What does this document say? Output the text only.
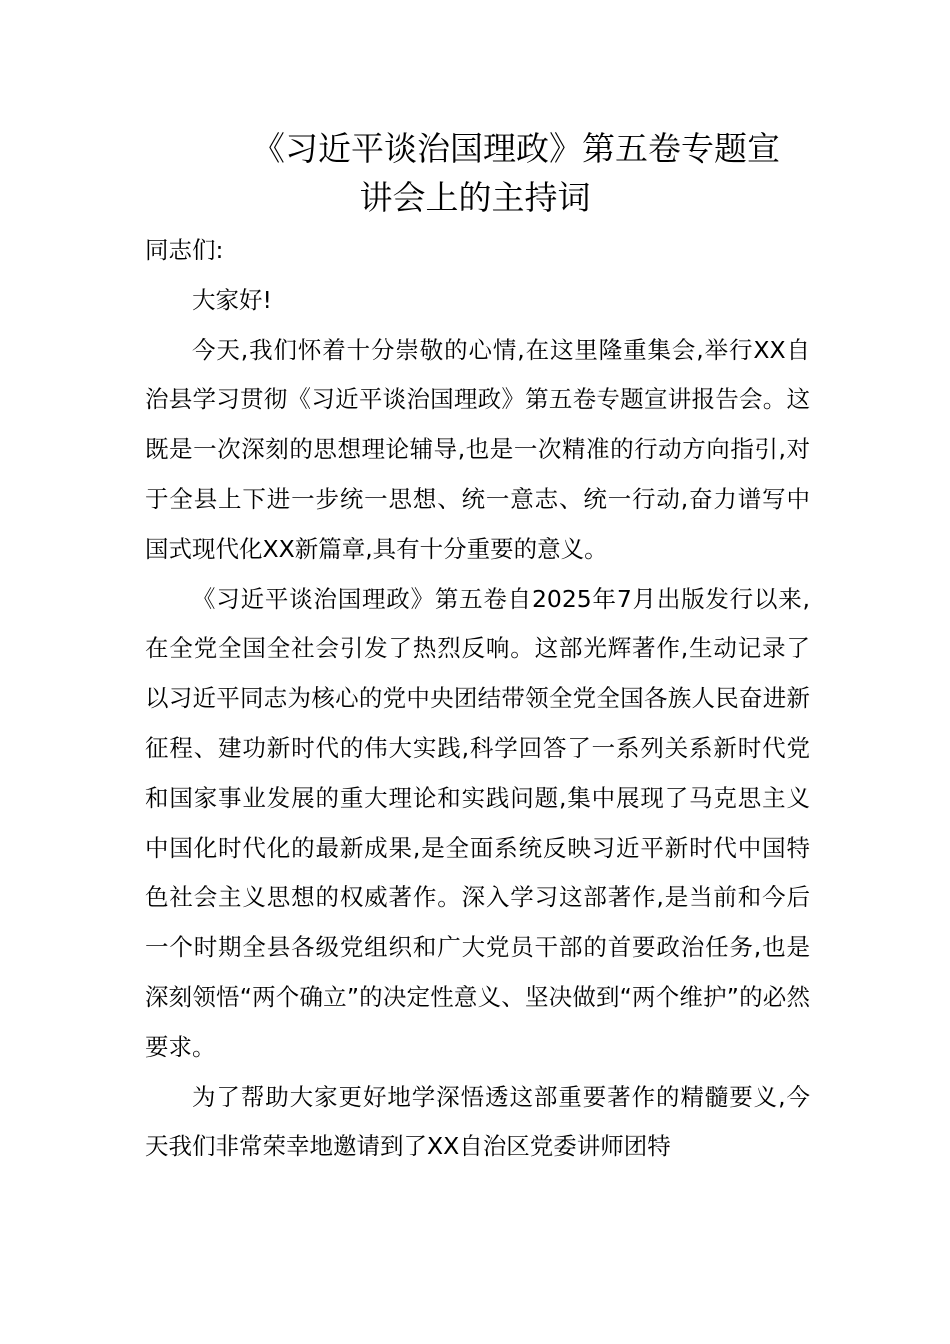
《习近平谈治国理政》第五卷专题宣
讲会上的主持词

同志们:

大家好!

今天,我们怀着十分崇敬的心情,在这里隆重集会,举行XX自治县学习贯彻《习近平谈治国理政》第五卷专题宣讲报告会。这既是一次深刻的思想理论辅导,也是一次精准的行动方向指引,对于全县上下进一步统一思想、统一意志、统一行动,奋力谱写中国式现代化XX新篇章,具有十分重要的意义。

《习近平谈治国理政》第五卷自2025年7月出版发行以来,在全党全国全社会引发了热烈反响。这部光辉著作,生动记录了以习近平同志为核心的党中央团结带领全党全国各族人民奋进新征程、建功新时代的伟大实践,科学回答了一系列关系新时代党和国家事业发展的重大理论和实践问题,集中展现了马克思主义中国化时代化的最新成果,是全面系统反映习近平新时代中国特色社会主义思想的权威著作。深入学习这部著作,是当前和今后一个时期全县各级党组织和广大党员干部的首要政治任务,也是深刻领悟“两个确立”的决定性意义、坚决做到“两个维护”的必然要求。

为了帮助大家更好地学深悟透这部重要著作的精髓要义,今天我们非常荣幸地邀请到了XX自治区党委讲师团特
